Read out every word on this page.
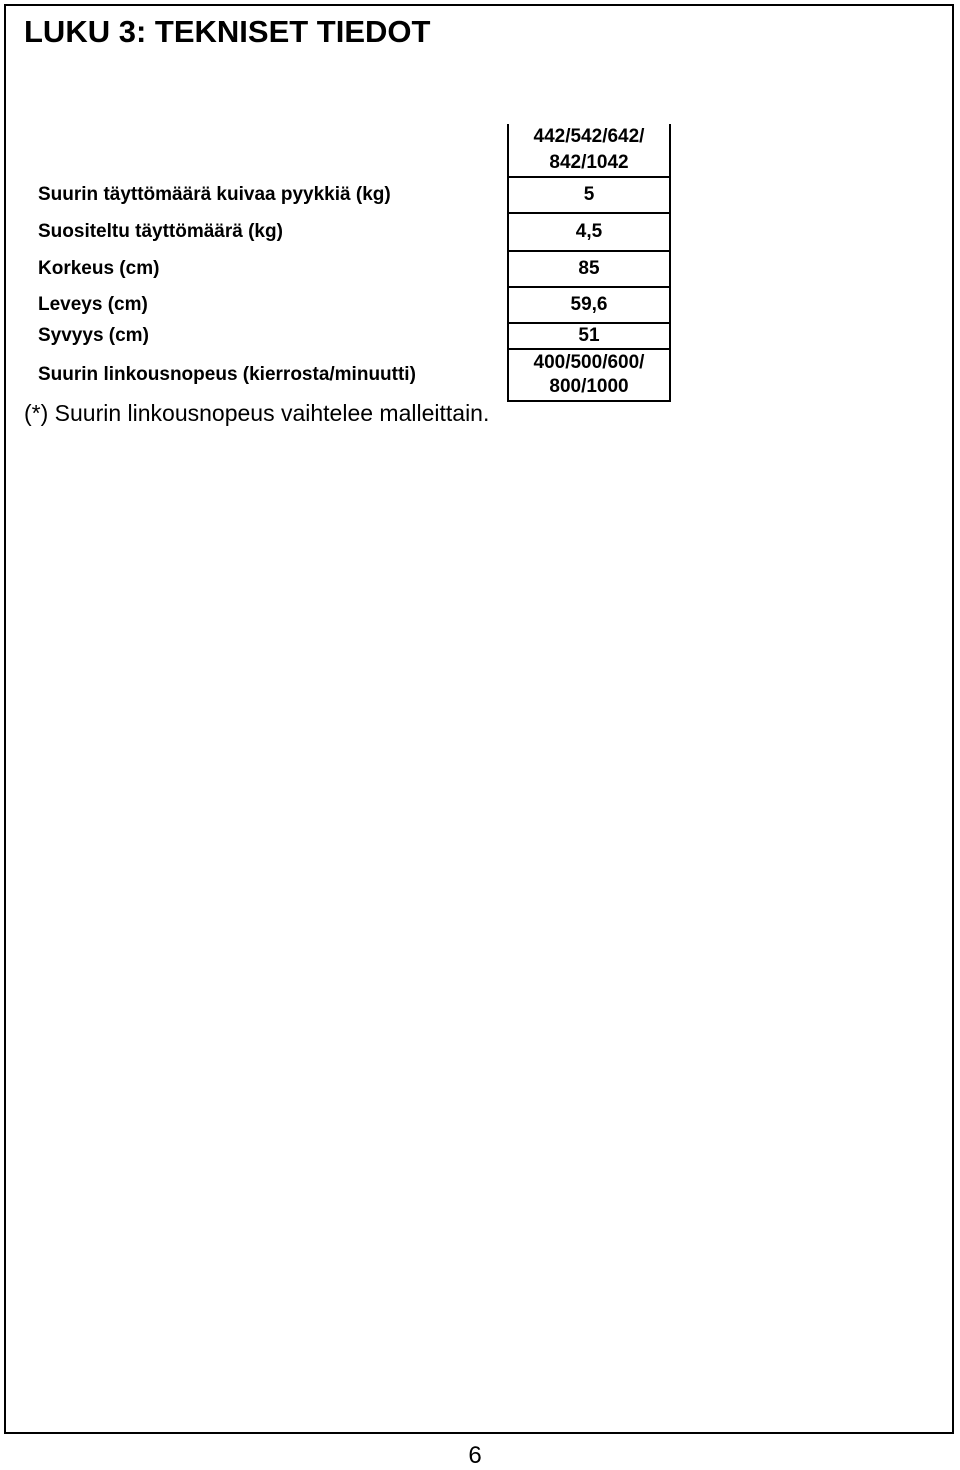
LUKU 3: TEKNISET TIEDOT

	442/542/642/
842/1042

Suurin täyttömäärä kuivaa pyykkiä (kg)	5
Suositeltu täyttömäärä (kg)	4,5
Korkeus (cm)	85
Leveys (cm)	59,6
Syvyys (cm)	51
Suurin linkousnopeus (kierrosta/minuutti)	400/500/600/
800/1000
(*) Suurin linkousnopeus vaihtelee malleittain.
6
